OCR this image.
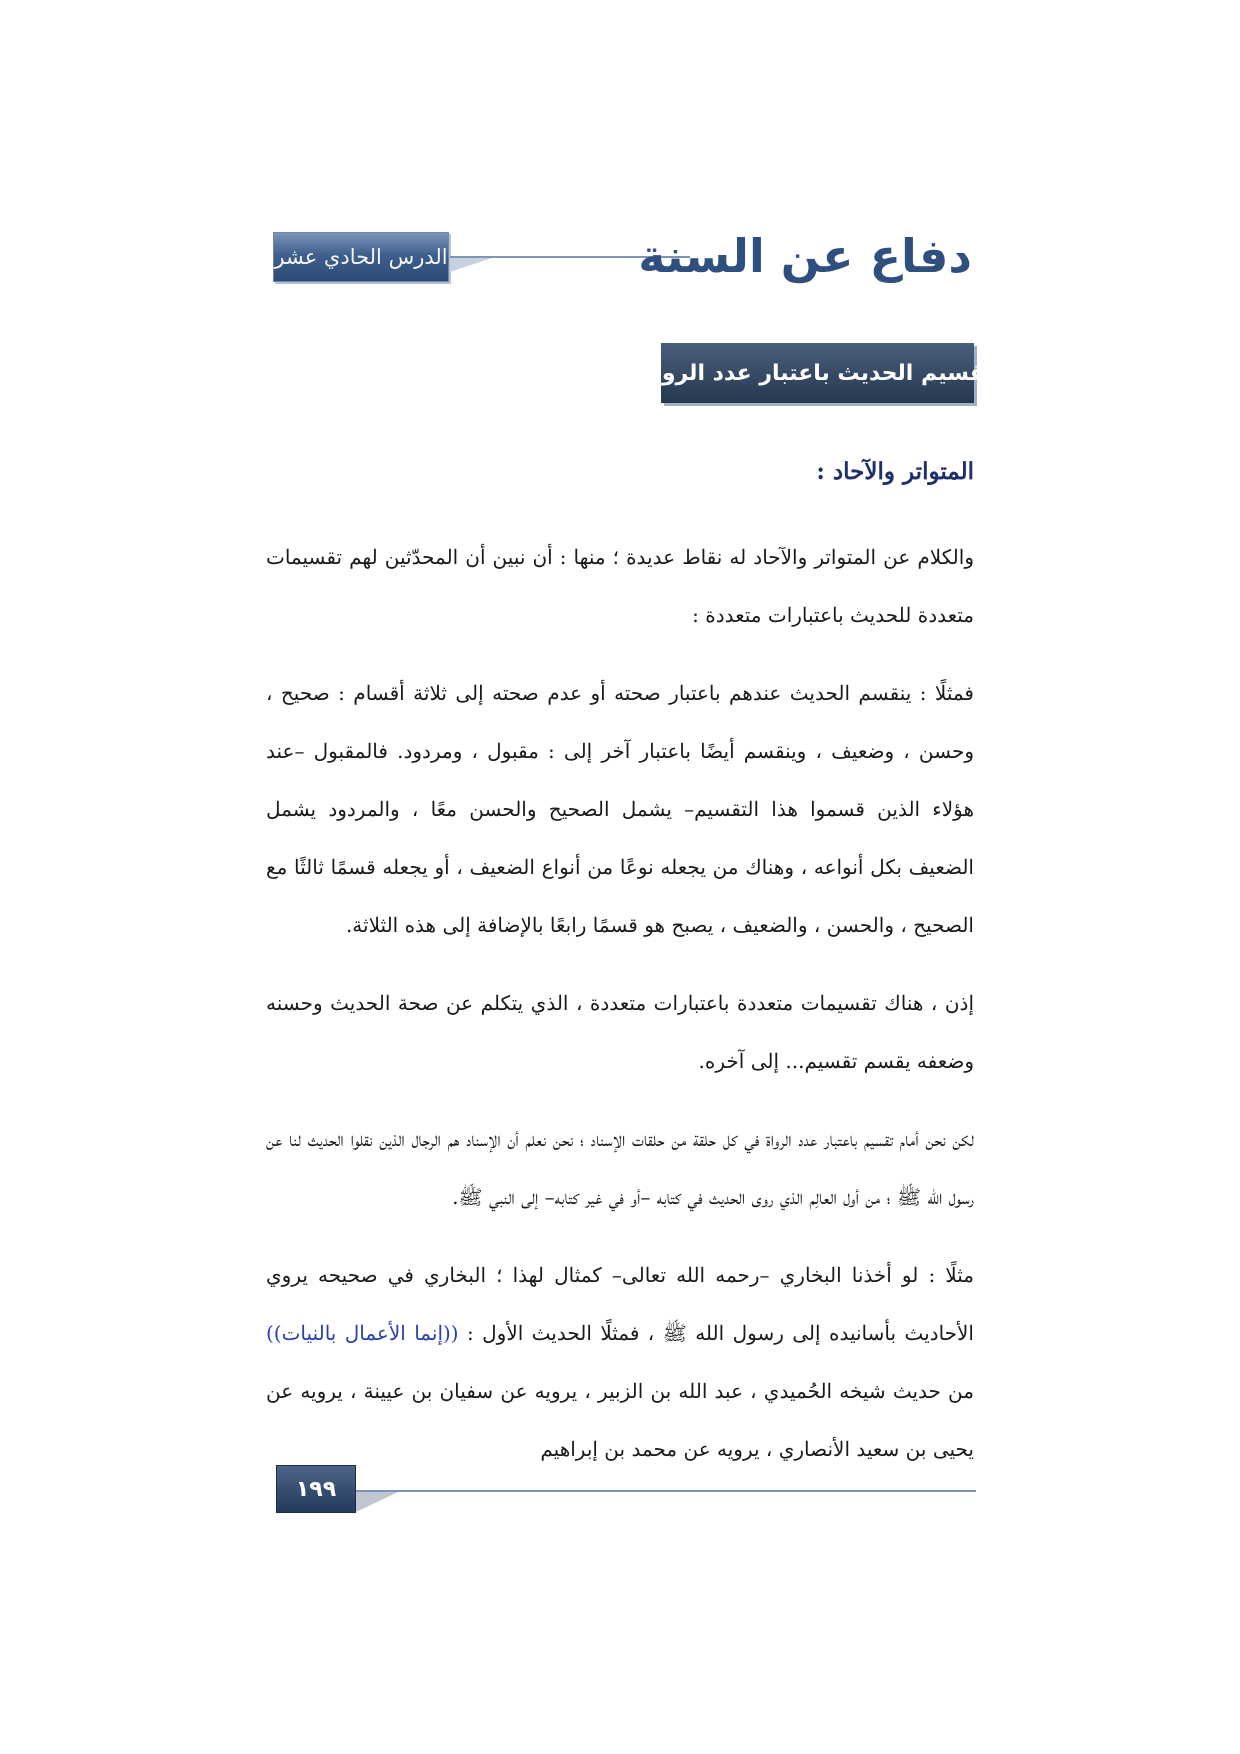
الدرس الحادي عشر	دفاع عن السنة
تقسيم الحديث باعتبار عدد الرواة
المتواتر والآحاد :

والكلام عن المتواتر والآحاد له نقاط عديدة ؛ منها : أن نبين أن المحدّثين لهم تقسيمات متعددة للحديث باعتبارات متعددة :

فمثلًا : ينقسم الحديث عندهم باعتبار صحته أو عدم صحته إلى ثلاثة أقسام : صحيح ، وحسن ، وضعيف ، وينقسم أيضًا باعتبار آخر إلى : مقبول ، ومردود. فالمقبول –عند هؤلاء الذين قسموا هذا التقسيم– يشمل الصحيح والحسن معًا ، والمردود يشمل الضعيف بكل أنواعه ، وهناك من يجعله نوعًا من أنواع الضعيف ، أو يجعله قسمًا ثالثًا مع الصحيح ، والحسن ، والضعيف ، يصبح هو قسمًا رابعًا بالإضافة إلى هذه الثلاثة.

إذن ، هناك تقسيمات متعددة باعتبارات متعددة ، الذي يتكلم عن صحة الحديث وحسنه وضعفه يقسم تقسيم... إلى آخره.

لكن نحن أمام تقسيم باعتبار عدد الرواة في كل حلقة من حلقات الإسناد ؛ نحن نعلم أن الإسناد هم الرجال الذين نقلوا الحديث لنا عن رسول الله ﷺ ؛ من أول العالِم الذي روى الحديث في كتابه –أو في غير كتابه– إلى النبي ﷺ.

مثلًا : لو أخذنا البخاري –رحمه الله تعالى– كمثال لهذا ؛ البخاري في صحيحه يروي الأحاديث بأسانيده إلى رسول الله ﷺ ، فمثلًا الحديث الأول : ((إنما الأعمال بالنيات)) من حديث شيخه الحُميدي ، عبد الله بن الزبير ، يرويه عن سفيان بن عيينة ، يرويه عن يحيى بن سعيد الأنصاري ، يرويه عن محمد بن إبراهيم

١٩٩
